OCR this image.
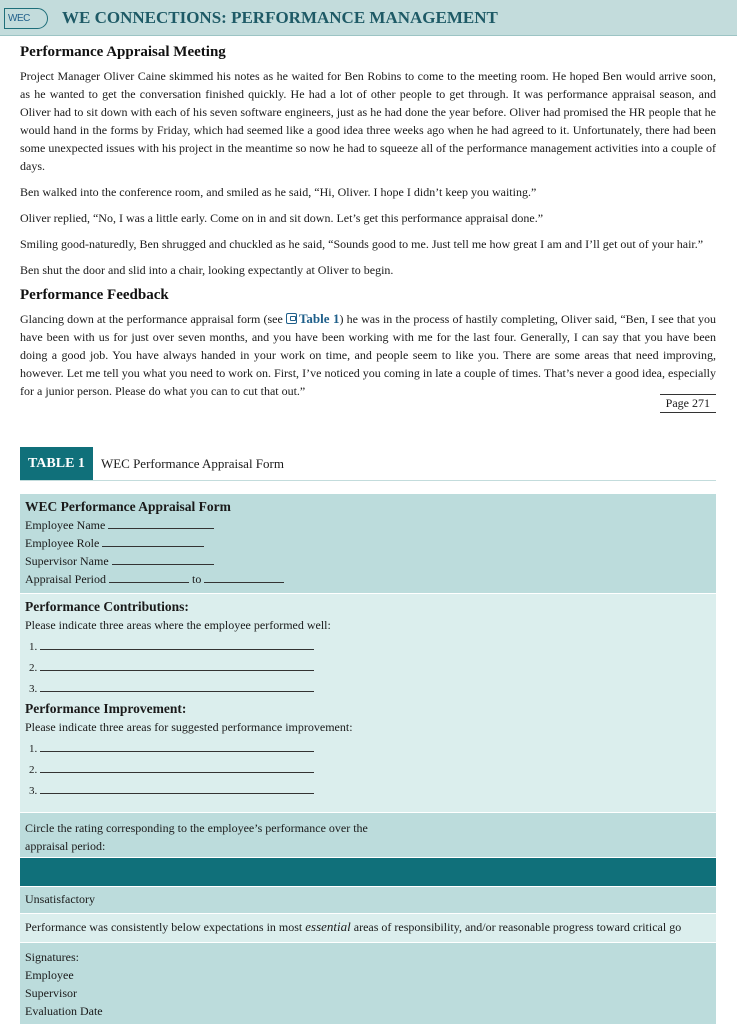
WEC	WE CONNECTIONS: PERFORMANCE MANAGEMENT
Performance Appraisal Meeting

Project Manager Oliver Caine skimmed his notes as he waited for Ben Robins to come to the meeting room. He hoped Ben would arrive soon, as he wanted to get the conversation finished quickly. He had a lot of other people to get through. It was performance appraisal season, and Oliver had to sit down with each of his seven software engineers, just as he had done the year before. Oliver had promised the HR people that he would hand in the forms by Friday, which had seemed like a good idea three weeks ago when he had agreed to it. Unfortunately, there had been some unexpected issues with his project in the meantime so now he had to squeeze all of the performance management activities into a couple of days.

Ben walked into the conference room, and smiled as he said, “Hi, Oliver. I hope I didn’t keep you waiting.”

Oliver replied, “No, I was a little early. Come on in and sit down. Let’s get this performance appraisal done.”

Smiling good-naturedly, Ben shrugged and chuckled as he said, “Sounds good to me. Just tell me how great I am and I’ll get out of your hair.”

Ben shut the door and slid into a chair, looking expectantly at Oliver to begin.

Performance Feedback

Glancing down at the performance appraisal form (see Table 1) he was in the process of hastily completing, Oliver said, “Ben, I see that you have been with us for just over seven months, and you have been working with me for the last four. Generally, I can say that you have been doing a good job. You have always handed in your work on time, and people seem to like you. There are some areas that need improving, however. Let me tell you what you need to work on. First, I’ve noticed you coming in late a couple of times. That’s never a good idea, especially for a junior person. Please do what you can to cut that out.”

Page 271
TABLE 1 WEC Performance Appraisal Form
WEC Performance Appraisal Form
Employee Name
Employee Role
Supervisor Name
Appraisal Period	to
Performance Contributions:
Please indicate three areas where the employee performed well:
1.
2.
3.
Performance Improvement:
Please indicate three areas for suggested performance improvement:
1.
2.
3.
Circle the rating corresponding to the employee’s performance over the
appraisal period:
Unsatisfactory
Performance was consistently below expectations in most essential areas of responsibility, and/or reasonable progress toward critical go
Signatures:
Employee
Supervisor
Evaluation Date
